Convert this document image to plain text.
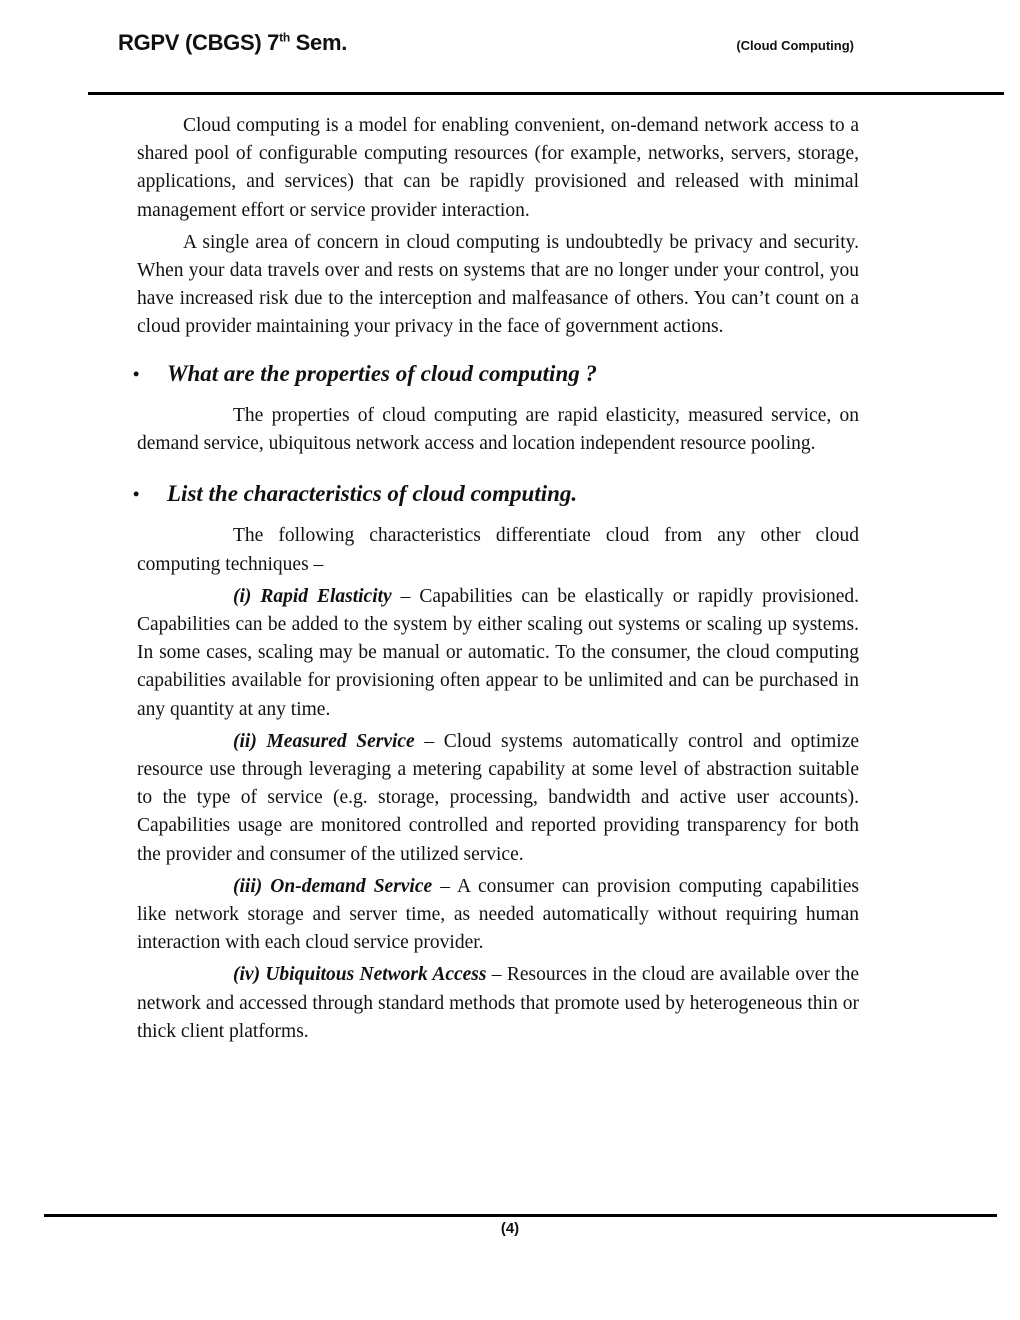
RGPV (CBGS) 7th Sem.	(Cloud Computing)

Cloud computing is a model for enabling convenient, on-demand network access to a shared pool of configurable computing resources (for example, networks, servers, storage, applications, and services) that can be rapidly provisioned and released with minimal management effort or service provider interaction.

A single area of concern in cloud computing is undoubtedly be privacy and security. When your data travels over and rests on systems that are no longer under your control, you have increased risk due to the interception and malfeasance of others. You can’t count on a cloud provider maintaining your privacy in the face of government actions.

• What are the properties of cloud computing ?

The properties of cloud computing are rapid elasticity, measured service, on demand service, ubiquitous network access and location independent resource pooling.

• List the characteristics of cloud computing.

The following characteristics differentiate cloud from any other cloud computing techniques –

(i) Rapid Elasticity – Capabilities can be elastically or rapidly provisioned. Capabilities can be added to the system by either scaling out systems or scaling up systems. In some cases, scaling may be manual or automatic. To the consumer, the cloud computing capabilities available for provisioning often appear to be unlimited and can be purchased in any quantity at any time.

(ii) Measured Service – Cloud systems automatically control and optimize resource use through leveraging a metering capability at some level of abstraction suitable to the type of service (e.g. storage, processing, bandwidth and active user accounts). Capabilities usage are monitored controlled and reported providing transparency for both the provider and consumer of the utilized service.

(iii) On-demand Service – A consumer can provision computing capabilities like network storage and server time, as needed automatically without requiring human interaction with each cloud service provider.

(iv) Ubiquitous Network Access – Resources in the cloud are available over the network and accessed through standard methods that promote used by heterogeneous thin or thick client platforms.

(4)
